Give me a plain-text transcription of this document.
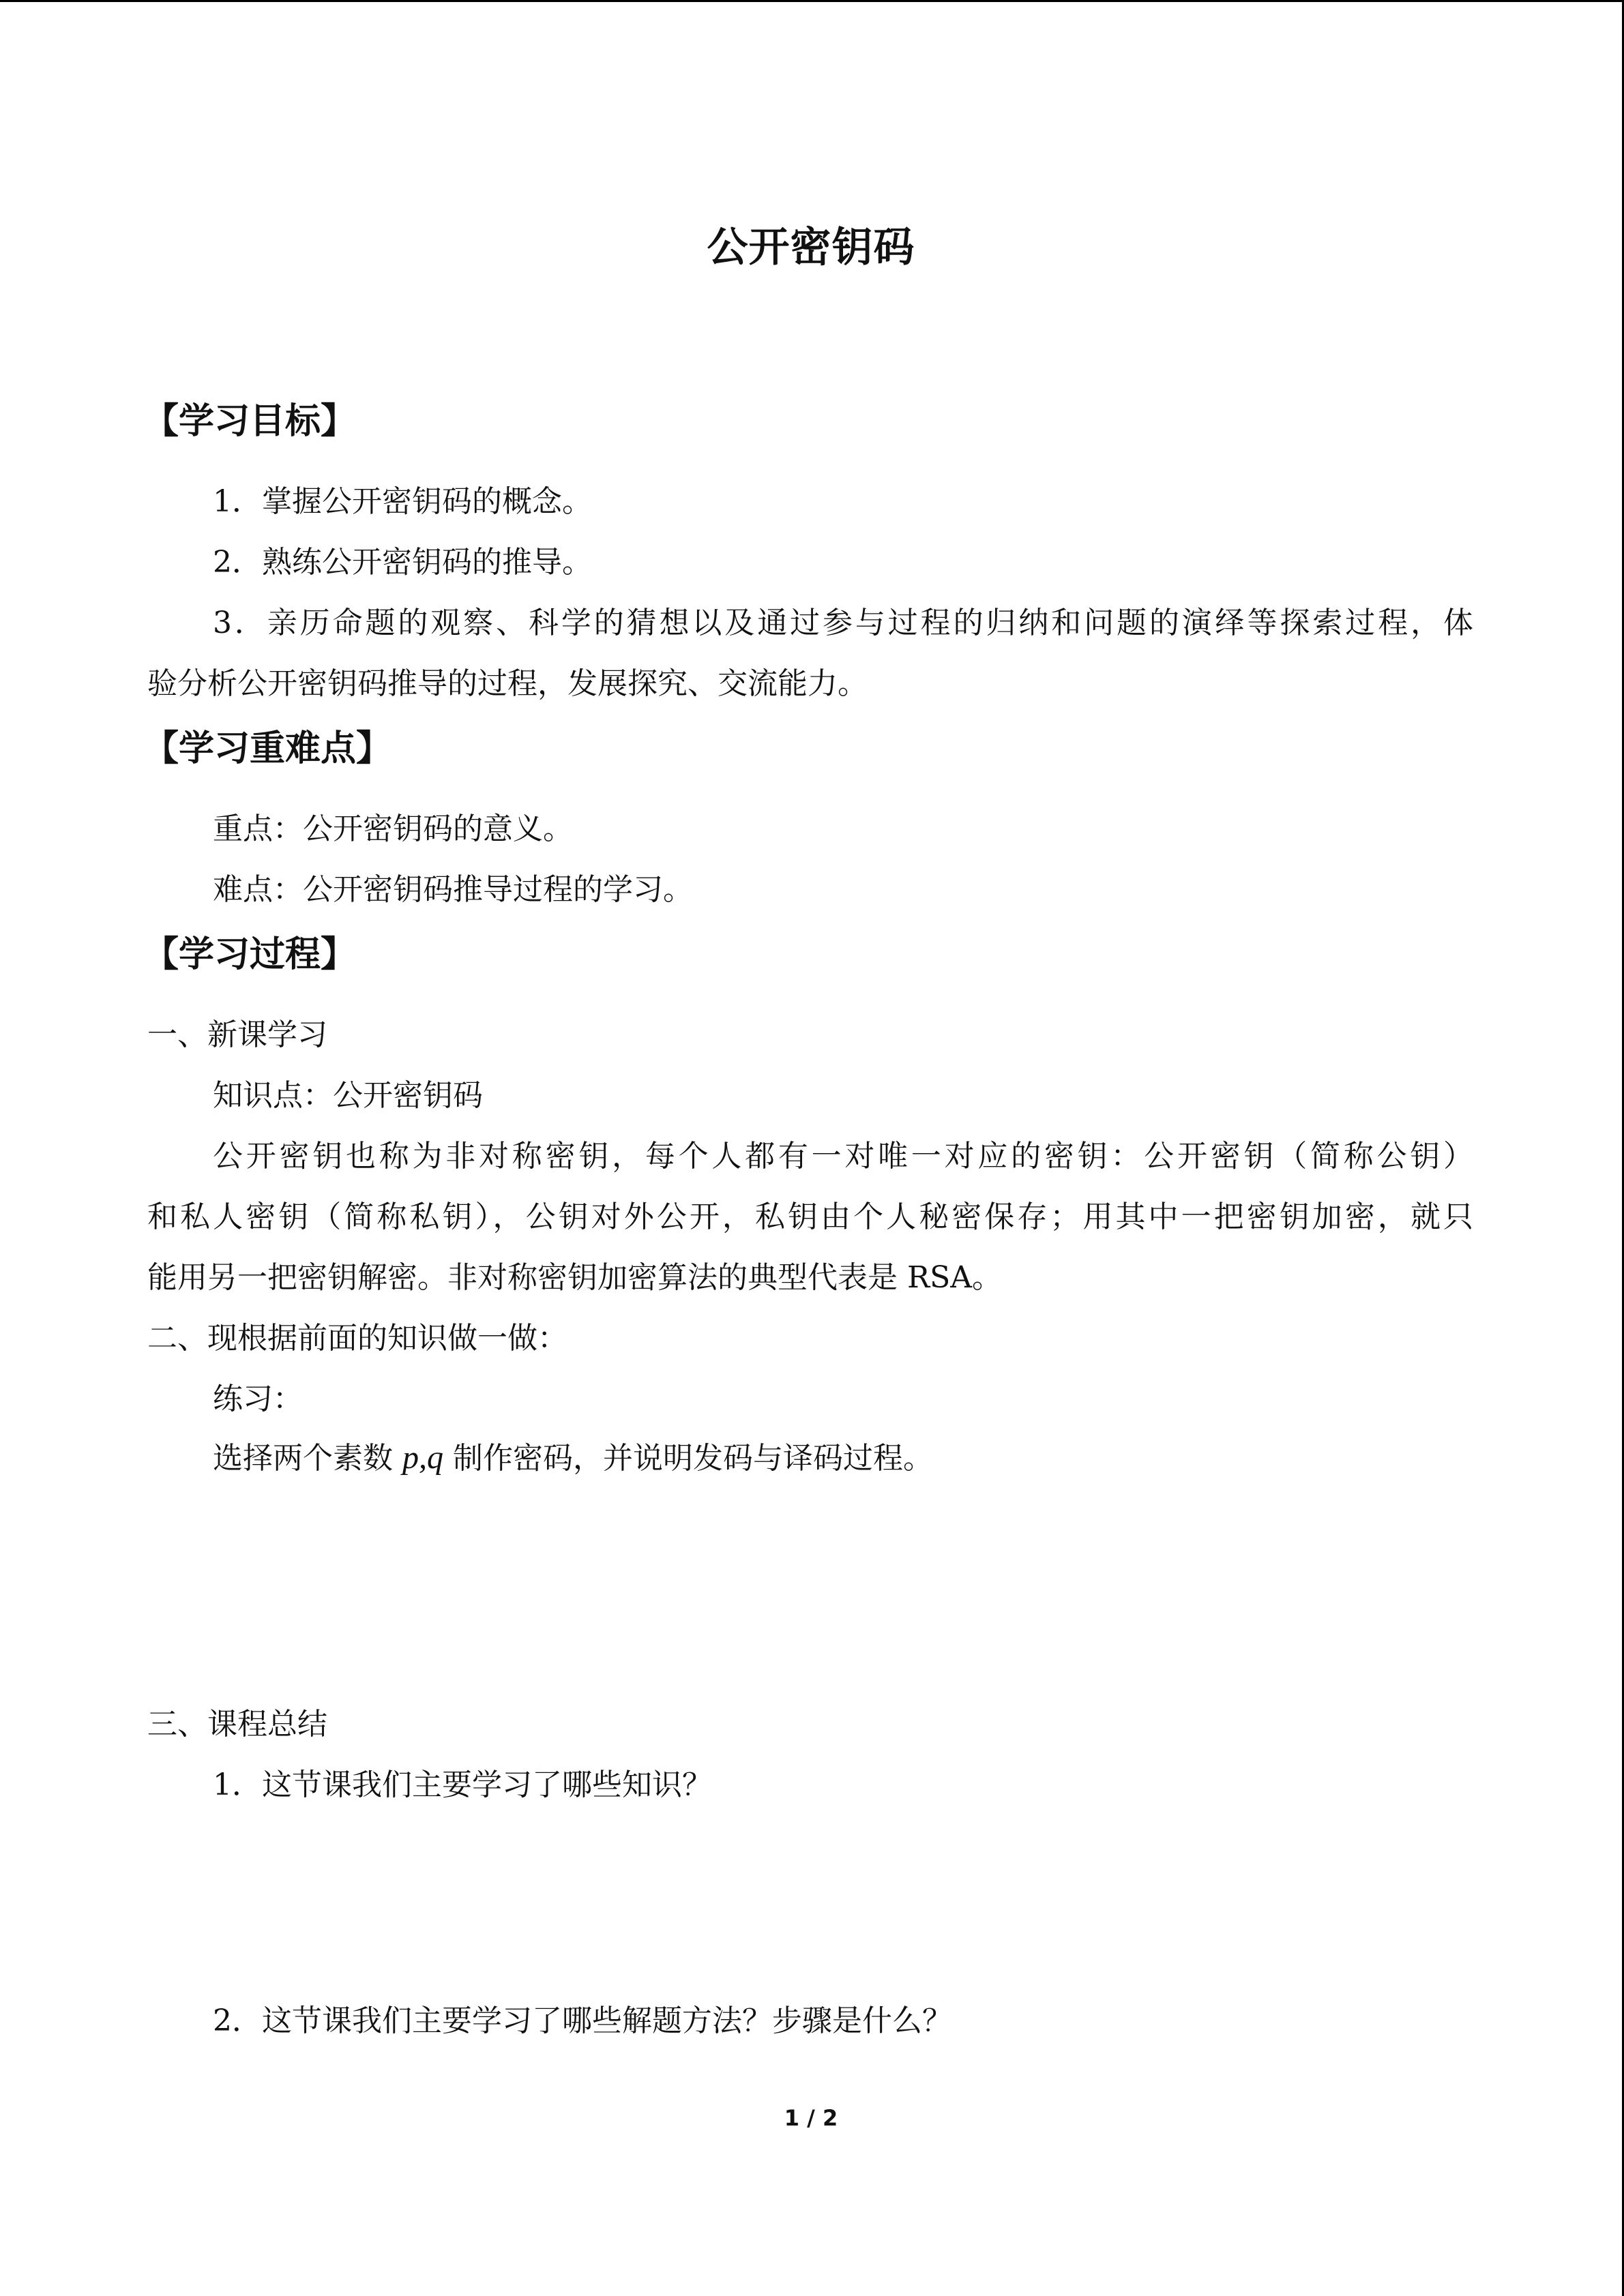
公开密钥码
【学习目标】
1．掌握公开密钥码的概念。
2．熟练公开密钥码的推导。
3．亲历命题的观察、科学的猜想以及通过参与过程的归纳和问题的演绎等探索过程，体
验分析公开密钥码推导的过程，发展探究、交流能力。
【学习重难点】
重点：公开密钥码的意义。
难点：公开密钥码推导过程的学习。
【学习过程】
一、新课学习
知识点：公开密钥码
公开密钥也称为非对称密钥，每个人都有一对唯一对应的密钥：公开密钥（简称公钥）
和私人密钥（简称私钥），公钥对外公开，私钥由个人秘密保存；用其中一把密钥加密，就只
能用另一把密钥解密。非对称密钥加密算法的典型代表是 RSA。
二、现根据前面的知识做一做：
练习：
选择两个素数 p,q 制作密码，并说明发码与译码过程。
三、课程总结
1．这节课我们主要学习了哪些知识？
2．这节课我们主要学习了哪些解题方法？步骤是什么？
1 / 2
